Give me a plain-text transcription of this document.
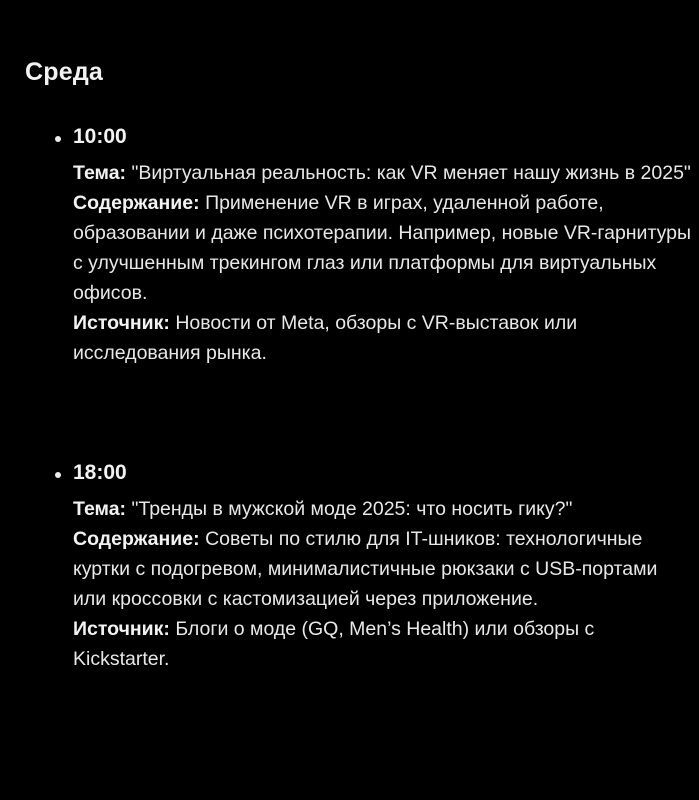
Среда
10:00
Тема: "Виртуальная реальность: как VR меняет нашу жизнь в 2025"
Содержание: Применение VR в играх, удаленной работе, образовании и даже психотерапии. Например, новые VR-гарнитуры с улучшенным трекингом глаз или платформы для виртуальных офисов.
Источник: Новости от Meta, обзоры с VR-выставок или исследования рынка.
18:00
Тема: "Тренды в мужской моде 2025: что носить гику?"
Содержание: Советы по стилю для IT-шников: технологичные куртки с подогревом, минималистичные рюкзаки с USB-портами или кроссовки с кастомизацией через приложение.
Источник: Блоги о моде (GQ, Men’s Health) или обзоры с Kickstarter.
